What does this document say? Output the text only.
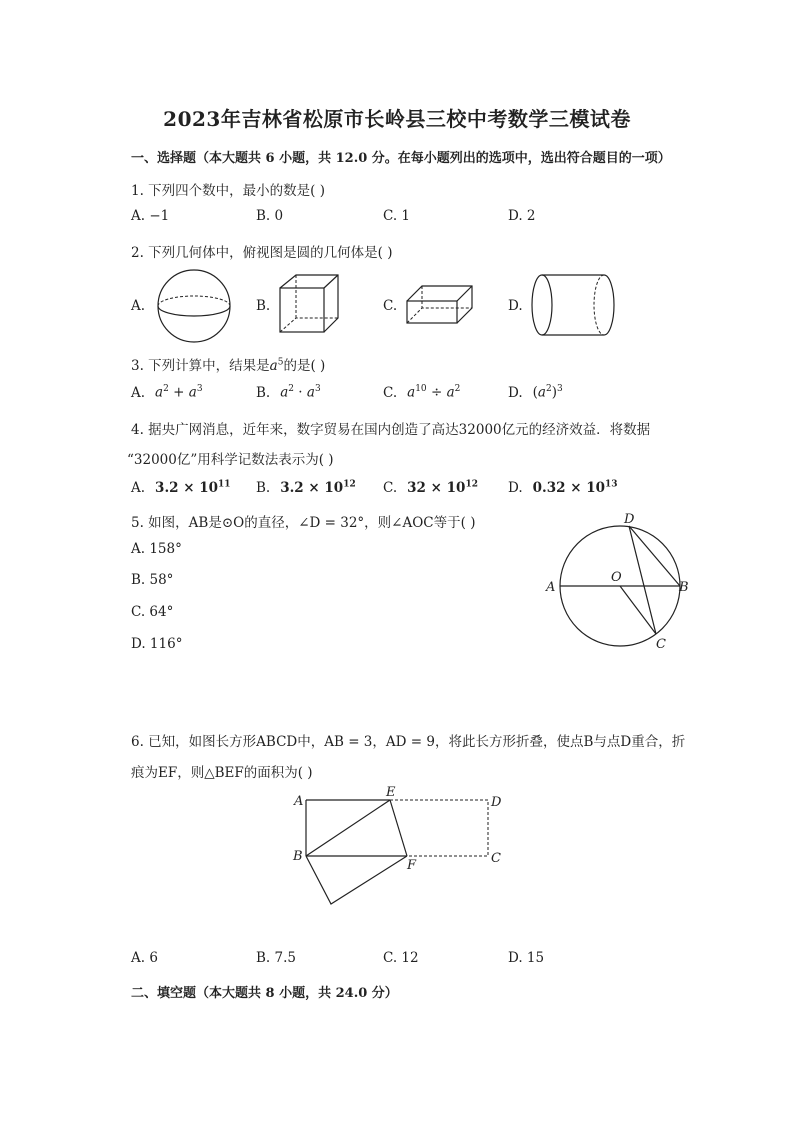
2023年吉林省松原市长岭县三校中考数学三模试卷
一、选择题（本大题共 6 小题，共 12.0 分。在每小题列出的选项中，选出符合题目的一项）
1. 下列四个数中，最小的数是( )
A. −1	B. 0	C. 1	D. 2
2. 下列几何体中，俯视图是圆的几何体是( )
A.	B.	C.	D.
3. 下列计算中，结果是$a^5$的是( )
A. $a^2 + a^3$	B. $a^2 \cdot a^3$	C. $a^{10} \div a^2$	D. $(a^2)^3$
4. 据央广网消息，近年来，数字贸易在国内创造了高达32000亿元的经济效益．将数据
“32000亿”用科学记数法表示为( )
A. $3.2 \times 10^{11}$ B. $3.2 \times 10^{12}$ C. $32 \times 10^{12}$ D. $0.32 \times 10^{13}$
5. 如图，AB是⊙O的直径，∠D = 32°，则∠AOC等于( )
A. 158°
B. 58°
C. 64°
D. 116°
A
O
B
D
C
6. 已知，如图长方形ABCD中，AB = 3，AD = 9，将此长方形折叠，使点B与点D重合，折
痕为EF，则△BEF的面积为( )
A
E
D
B
F	C
A. 6	B. 7.5	C. 12	D. 15
二、填空题（本大题共 8 小题，共 24.0 分）
